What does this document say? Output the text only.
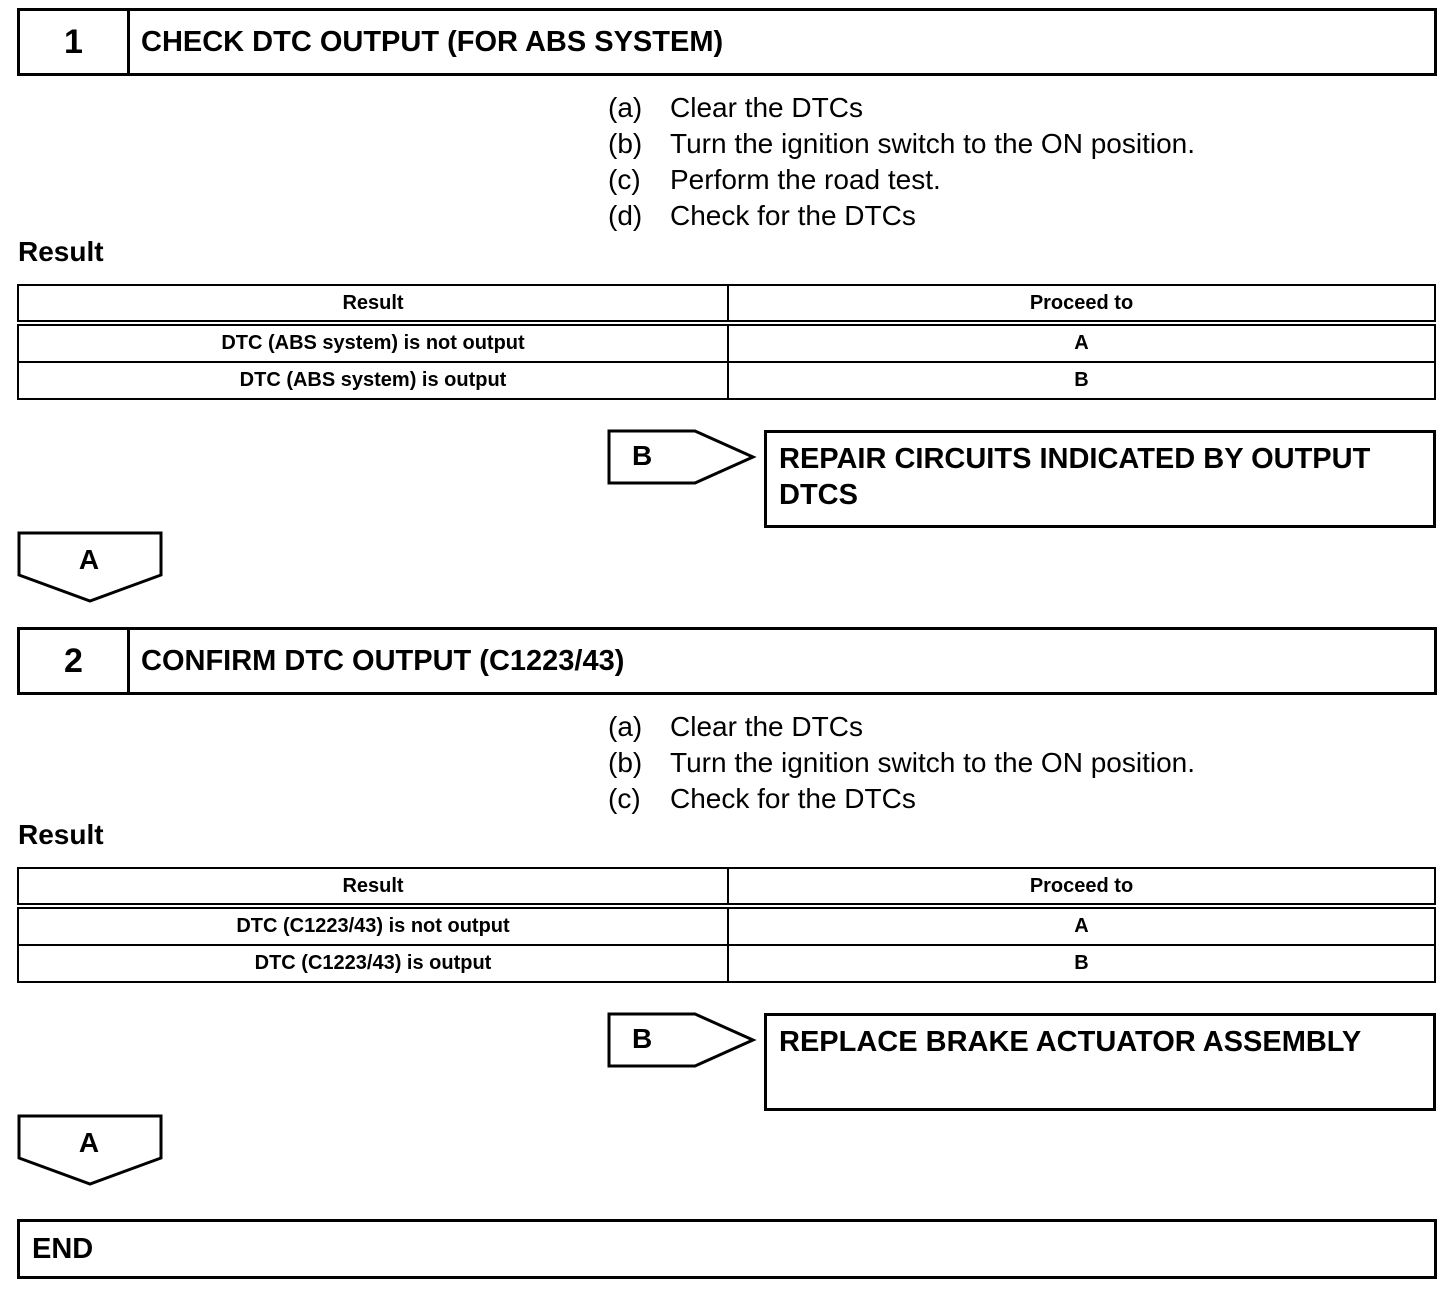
1	CHECK DTC OUTPUT (FOR ABS SYSTEM)
(a) Clear the DTCs
(b) Turn the ignition switch to the ON position.
(c) Perform the road test.
(d) Check for the DTCs
Result
Result	Proceed to
DTC (ABS system) is not output	A
DTC (ABS system) is output	B
B	REPAIR CIRCUITS INDICATED BY OUTPUT DTCS
A
2	CONFIRM DTC OUTPUT (C1223/43)
(a) Clear the DTCs
(b) Turn the ignition switch to the ON position.
(c) Check for the DTCs
Result
Result	Proceed to
DTC (C1223/43) is not output	A
DTC (C1223/43) is output	B
B	REPLACE BRAKE ACTUATOR ASSEMBLY
A
END
